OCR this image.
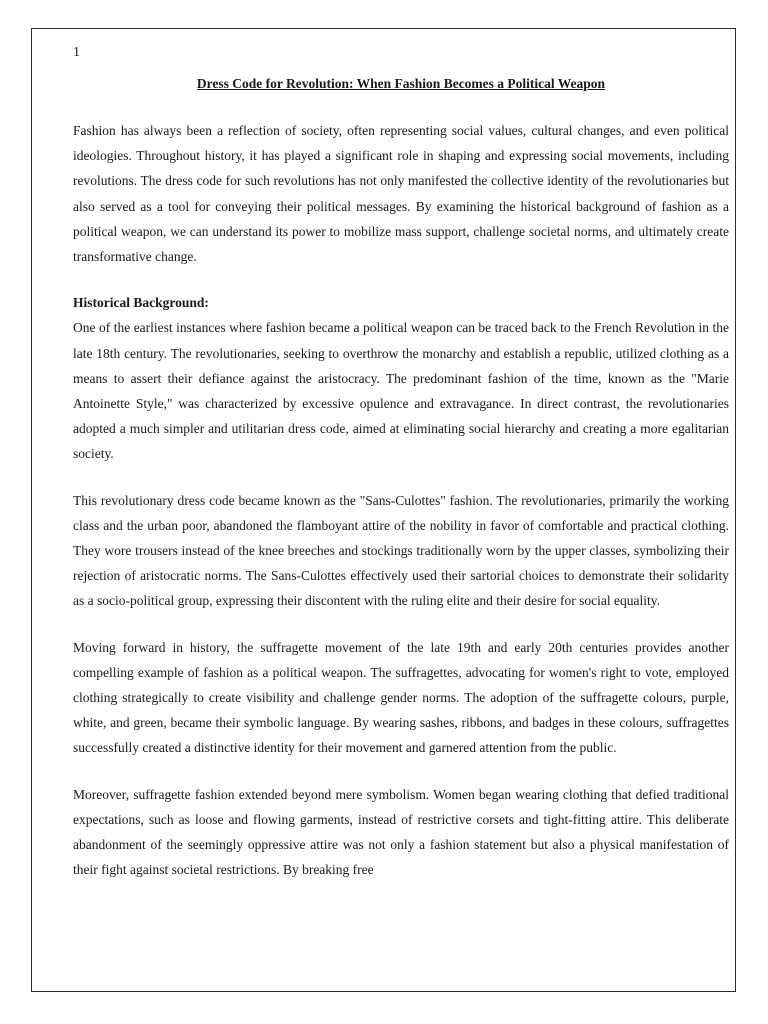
1

Dress Code for Revolution: When Fashion Becomes a Political Weapon

Fashion has always been a reflection of society, often representing social values, cultural changes, and even political ideologies. Throughout history, it has played a significant role in shaping and expressing social movements, including revolutions. The dress code for such revolutions has not only manifested the collective identity of the revolutionaries but also served as a tool for conveying their political messages. By examining the historical background of fashion as a political weapon, we can understand its power to mobilize mass support, challenge societal norms, and ultimately create transformative change.

Historical Background:

One of the earliest instances where fashion became a political weapon can be traced back to the French Revolution in the late 18th century. The revolutionaries, seeking to overthrow the monarchy and establish a republic, utilized clothing as a means to assert their defiance against the aristocracy. The predominant fashion of the time, known as the "Marie Antoinette Style," was characterized by excessive opulence and extravagance. In direct contrast, the revolutionaries adopted a much simpler and utilitarian dress code, aimed at eliminating social hierarchy and creating a more egalitarian society.

This revolutionary dress code became known as the "Sans-Culottes" fashion. The revolutionaries, primarily the working class and the urban poor, abandoned the flamboyant attire of the nobility in favor of comfortable and practical clothing. They wore trousers instead of the knee breeches and stockings traditionally worn by the upper classes, symbolizing their rejection of aristocratic norms. The Sans-Culottes effectively used their sartorial choices to demonstrate their solidarity as a socio-political group, expressing their discontent with the ruling elite and their desire for social equality.

Moving forward in history, the suffragette movement of the late 19th and early 20th centuries provides another compelling example of fashion as a political weapon. The suffragettes, advocating for women's right to vote, employed clothing strategically to create visibility and challenge gender norms. The adoption of the suffragette colours, purple, white, and green, became their symbolic language. By wearing sashes, ribbons, and badges in these colours, suffragettes successfully created a distinctive identity for their movement and garnered attention from the public.

Moreover, suffragette fashion extended beyond mere symbolism. Women began wearing clothing that defied traditional expectations, such as loose and flowing garments, instead of restrictive corsets and tight-fitting attire. This deliberate abandonment of the seemingly oppressive attire was not only a fashion statement but also a physical manifestation of their fight against societal restrictions. By breaking free
